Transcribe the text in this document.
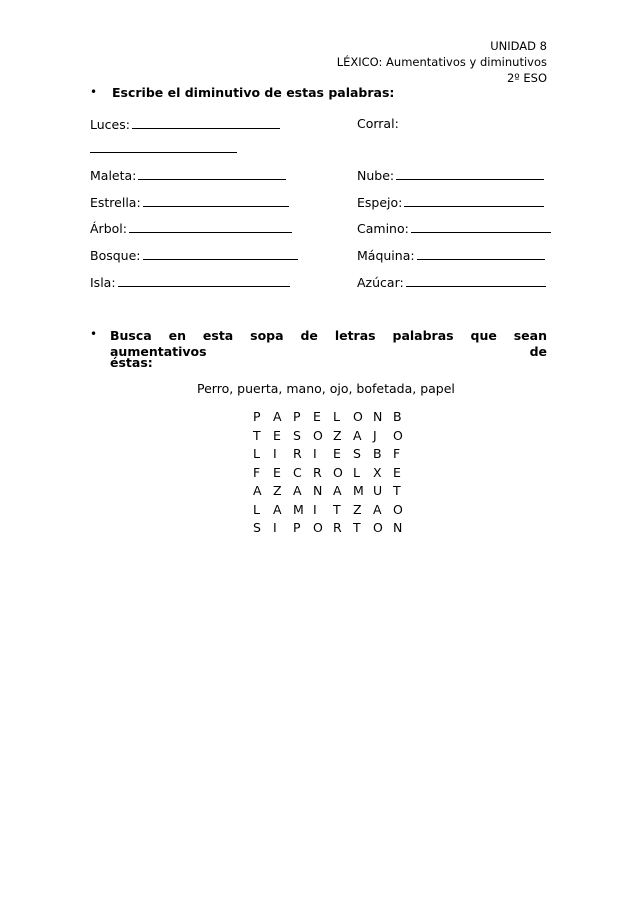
UNIDAD 8
LÉXICO: Aumentativos y diminutivos
2º ESO
• Escribe el diminutivo de estas palabras:
Luces:	Corral:
Maleta:	Nube:
Estrella:	Espejo:
Árbol:	Camino:
Bosque:	Máquina:
Isla:	Azúcar:
• Busca en esta sopa de letras palabras que sean aumentativos de
éstas:
Perro, puerta, mano, ojo, bofetada, papel
P A P E L	O N B
T E S O Z A J	O
L	I	R I	E S B F
F	E C R O L	X E
A Z A N A M U T
L	A M I	T Z A O
S I	P O R T O N
